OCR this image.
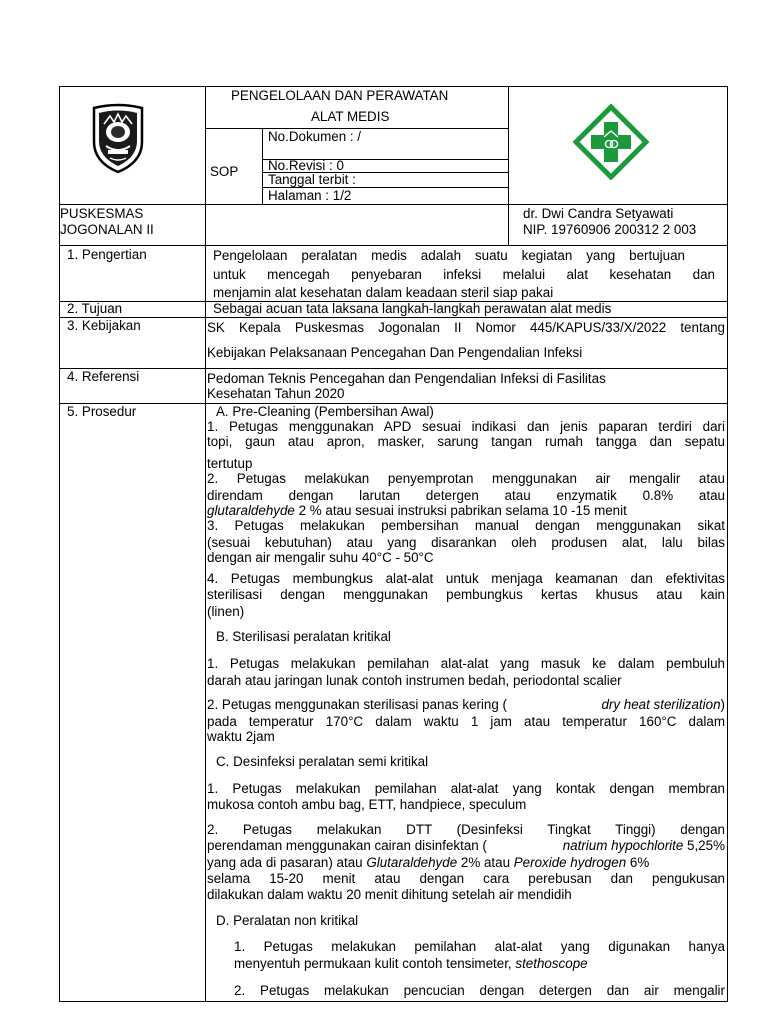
PENGELOLAAN DAN PERAWATAN
ALAT MEDIS
SOP
No.Dokumen : /
No.Revisi : 0
Tanggal terbit :
Halaman : 1/2
PUSKESMAS
JOGONALAN II
dr. Dwi Candra Setyawati
NIP. 19760906 200312 2 003
1. Pengertian
2. Tujuan
3. Kebijakan
4. Referensi
5. Prosedur
Pengelolaan peralatan medis adalah suatu kegiatan yang bertujuan
untuk mencegah penyebaran infeksi melalui alat kesehatan dan
menjamin alat kesehatan dalam keadaan steril siap pakai
Sebagai acuan tata laksana langkah-langkah perawatan alat medis
SK Kepala Puskesmas Jogonalan II Nomor 445/KAPUS/33/X/2022 tentang
Kebijakan Pelaksanaan Pencegahan Dan Pengendalian Infeksi
Pedoman Teknis Pencegahan dan Pengendalian Infeksi di Fasilitas
Kesehatan Tahun 2020
A. Pre-Cleaning (Pembersihan Awal)
1. Petugas menggunakan APD sesuai indikasi dan jenis paparan terdiri dari
topi, gaun atau apron, masker, sarung tangan rumah tangga dan sepatu
tertutup
2. Petugas melakukan penyemprotan menggunakan air mengalir atau
direndam dengan larutan detergen atau enzymatik 0.8% atau
glutaraldehyde 2 % atau sesuai instruksi pabrikan selama 10 -15 menit
3. Petugas melakukan pembersihan manual dengan menggunakan sikat
(sesuai kebutuhan) atau yang disarankan oleh produsen alat, lalu bilas
dengan air mengalir suhu 40°C - 50°C
4. Petugas membungkus alat-alat untuk menjaga keamanan dan efektivitas
sterilisasi dengan menggunakan pembungkus kertas khusus atau kain
(linen)
B. Sterilisasi peralatan kritikal
1. Petugas melakukan pemilahan alat-alat yang masuk ke dalam pembuluh
darah atau jaringan lunak contoh instrumen bedah, periodontal scalier
2. Petugas menggunakan sterilisasi panas kering (	dry heat sterilization)
pada temperatur 170°C dalam waktu 1 jam atau temperatur 160°C dalam
waktu 2jam
C. Desinfeksi peralatan semi kritikal
1. Petugas melakukan pemilahan alat-alat yang kontak dengan membran
mukosa contoh ambu bag, ETT, handpiece, speculum
2. Petugas melakukan DTT (Desinfeksi Tingkat Tinggi) dengan
perendaman menggunakan cairan disinfektan (	natrium hypochlorite 5,25%
yang ada di pasaran) atau Glutaraldehyde 2% atau Peroxide hydrogen 6%
selama 15-20 menit atau dengan cara perebusan dan pengukusan
dilakukan dalam waktu 20 menit dihitung setelah air mendidih
D. Peralatan non kritikal
1. Petugas melakukan pemilahan alat-alat yang digunakan hanya
menyentuh permukaan kulit contoh tensimeter, stethoscope
2. Petugas melakukan pencucian dengan detergen dan air mengalir
